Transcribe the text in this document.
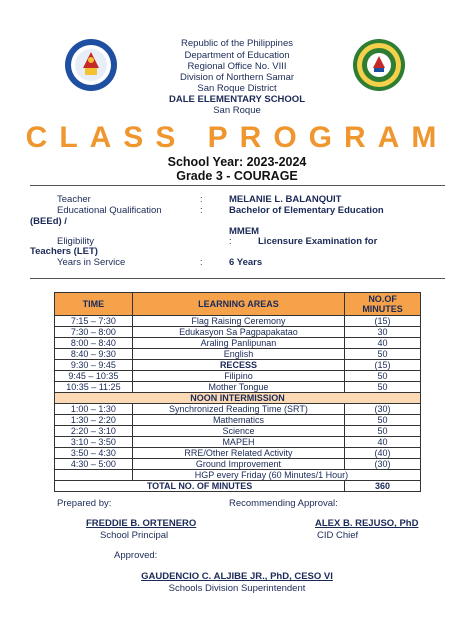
Republic of the Philippines
Department of Education
Regional Office No. VIII
Division of Northern Samar
San Roque District
DALE ELEMENTARY SCHOOL
San Roque
CLASS PROGRAM
School Year: 2023-2024
Grade 3 - COURAGE
Teacher	:	MELANIE L. BALANQUIT
Educational Qualification	:	Bachelor of Elementary Education
(BEEd) /
MMEM
Eligibility	:	Licensure Examination for
Teachers (LET)
Years in Service	:	6 Years
TIME	LEARNING AREAS	NO.OF MINUTES
7:15 – 7:30	Flag Raising Ceremony	(15)
7:30 – 8:00	Edukasyon Sa Pagpapakatao	30
8:00 – 8:40	Araling Panlipunan	40
8:40 – 9:30	English	50
9:30 – 9:45	RECESS	(15)
9:45 – 10:35	Filipino	50
10:35 – 11:25	Mother Tongue	50
NOON INTERMISSION		
1:00 – 1:30	Synchronized Reading Time (SRT)	(30)
1:30 – 2:20	Mathematics	50
2:20 – 3:10	Science	50
3:10 – 3:50	MAPEH	40
3:50 – 4:30	RRE/Other Related Activity	(40)
4:30 – 5:00	Ground Improvement	(30)
	HGP every Friday (60 Minutes/1 Hour)	
TOTAL NO. OF MINUTES		360
Prepared by:	Recommending Approval:
FREDDIE B. ORTENERO
School Principal
ALEX B. REJUSO, PhD
CID Chief
Approved:
GAUDENCIO C. ALJIBE JR., PhD, CESO VI
Schools Division Superintendent
